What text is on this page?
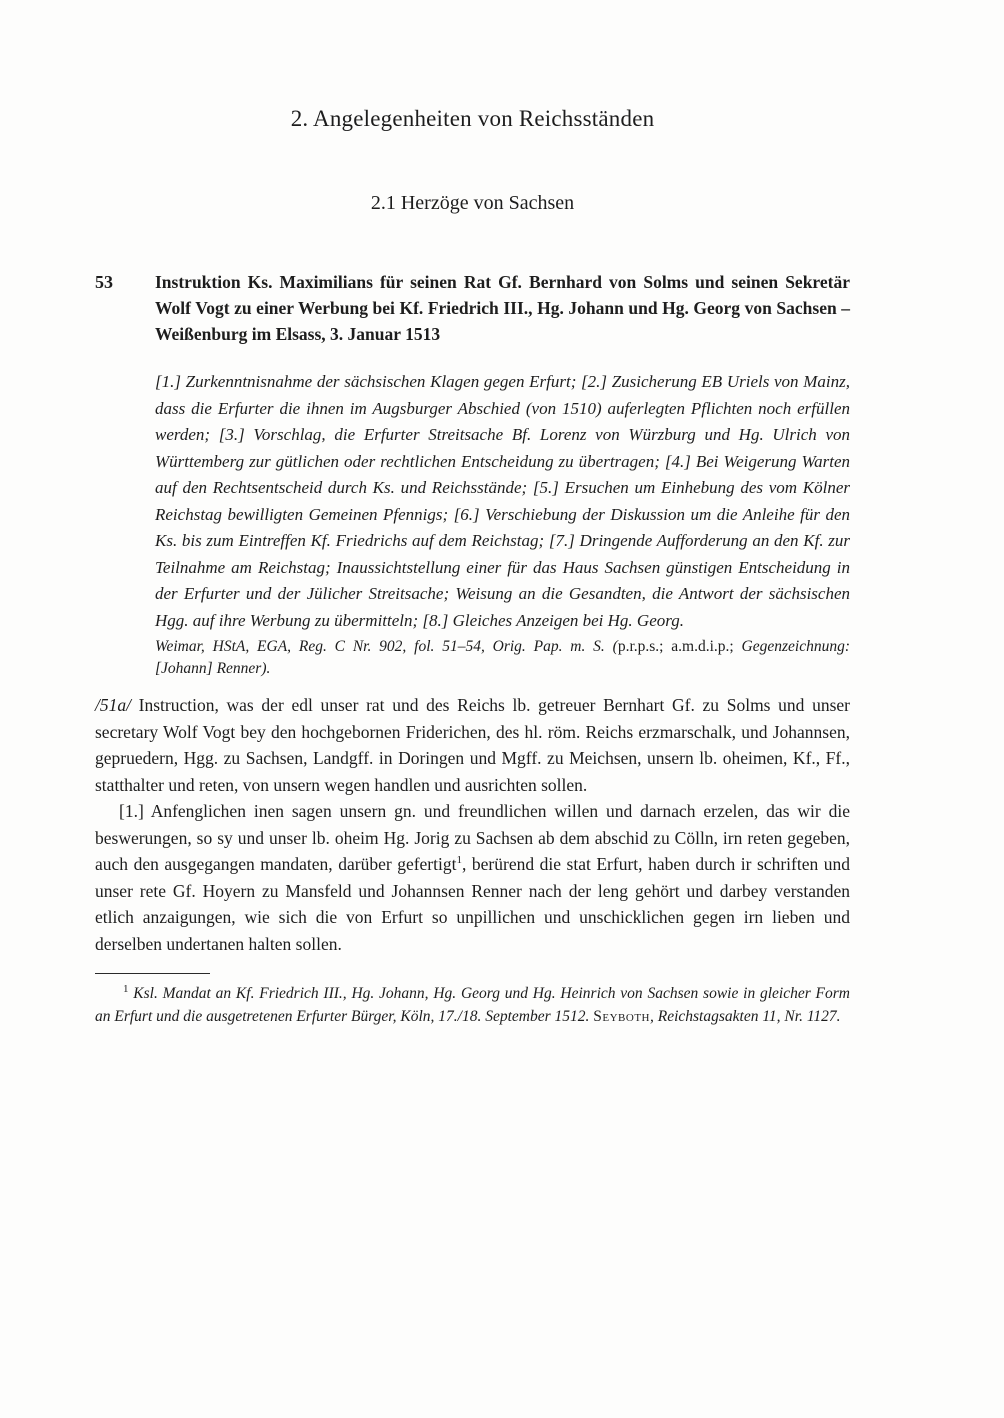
2. Angelegenheiten von Reichsständen
2.1 Herzöge von Sachsen
53	Instruktion Ks. Maximilians für seinen Rat Gf. Bernhard von Solms und seinen Sekretär Wolf Vogt zu einer Werbung bei Kf. Friedrich III., Hg. Johann und Hg. Georg von Sachsen – Weißenburg im Elsass, 3. Januar 1513

[1.] Zurkenntnisnahme der sächsischen Klagen gegen Erfurt; [2.] Zusicherung EB Uriels von Mainz, dass die Erfurter die ihnen im Augsburger Abschied (von 1510) auferlegten Pflichten noch erfüllen werden; [3.] Vorschlag, die Erfurter Streitsache Bf. Lorenz von Würzburg und Hg. Ulrich von Württemberg zur gütlichen oder rechtlichen Entscheidung zu übertragen; [4.] Bei Weigerung Warten auf den Rechtsentscheid durch Ks. und Reichsstände; [5.] Ersuchen um Einhebung des vom Kölner Reichstag bewilligten Gemeinen Pfennigs; [6.] Verschiebung der Diskussion um die Anleihe für den Ks. bis zum Eintreffen Kf. Friedrichs auf dem Reichstag; [7.] Dringende Aufforderung an den Kf. zur Teilnahme am Reichstag; Inaussichtstellung einer für das Haus Sachsen günstigen Entscheidung in der Erfurter und der Jülicher Streitsache; Weisung an die Gesandten, die Antwort der sächsischen Hgg. auf ihre Werbung zu übermitteln; [8.] Gleiches Anzeigen bei Hg. Georg.

Weimar, HStA, EGA, Reg. C Nr. 902, fol. 51–54, Orig. Pap. m. S. (p.r.p.s.; a.m.d.i.p.; Gegenzeichnung: [Johann] Renner).

/51a/ Instruction, was der edl unser rat und des Reichs lb. getreuer Bernhart Gf. zu Solms und unser secretary Wolf Vogt bey den hochgebornen Friderichen, des hl. röm. Reichs erzmarschalk, und Johannsen, gepruedern, Hgg. zu Sachsen, Landgff. in Doringen und Mgff. zu Meichsen, unsern lb. oheimen, Kf., Ff., statthalter und reten, von unsern wegen handlen und ausrichten sollen.

[1.] Anfenglichen inen sagen unsern gn. und freundlichen willen und darnach erzelen, das wir die beswerungen, so sy und unser lb. oheim Hg. Jorig zu Sachsen ab dem abschid zu Cölln, irn reten gegeben, auch den ausgegangen mandaten, darüber gefertigt$^1$, berürend die stat Erfurt, haben durch ir schriften und unser rete Gf. Hoyern zu Mansfeld und Johannsen Renner nach der leng gehört und darbey verstanden etlich anzaigungen, wie sich die von Erfurt so unpillichen und unschicklichen gegen irn lieben und derselben undertanen halten sollen.

$^1$ Ksl. Mandat an Kf. Friedrich III., Hg. Johann, Hg. Georg und Hg. Heinrich von Sachsen sowie in gleicher Form an Erfurt und die ausgetretenen Erfurter Bürger, Köln, 17./18. September 1512. Seyboth, Reichstagsakten 11, Nr. 1127.
